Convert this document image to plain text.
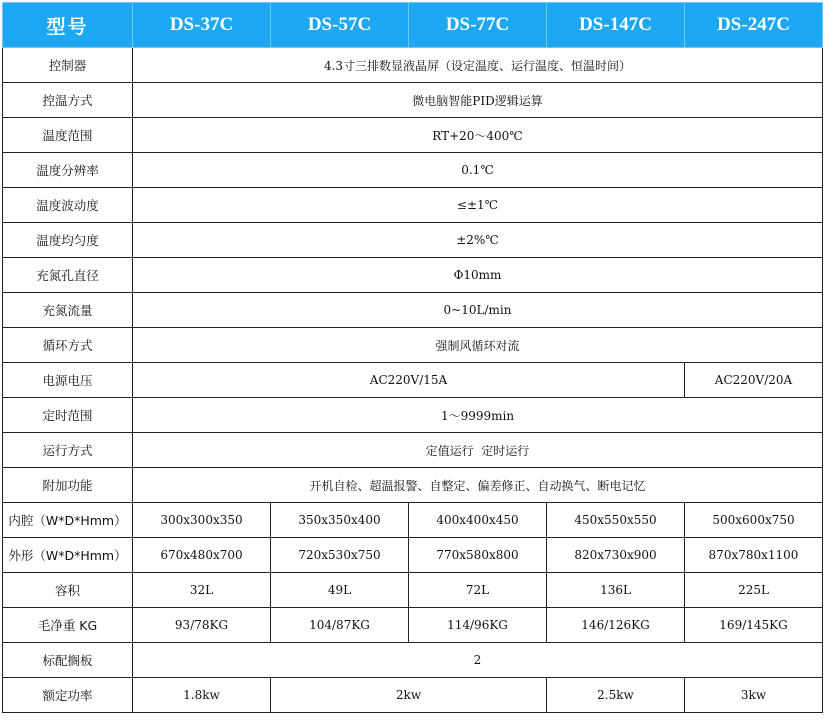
型号	DS-37C	DS-57C	DS-77C	DS-147C	DS-247C
控制器	4.3寸三排数显液晶屏（设定温度、运行温度、恒温时间）				
控温方式	微电脑智能PID逻辑运算				
温度范围	RT+20～400℃				
温度分辨率	0.1℃				
温度波动度	≤±1℃				
温度均匀度	±2%℃				
充氮孔直径	Φ10mm				
充氮流量	0~10L/min				
循环方式	强制风循环对流				
电源电压	AC220V/15A				AC220V/20A
定时范围	1～9999min				
运行方式	定值运行  定时运行				
附加功能	开机自检、超温报警、自整定、偏差修正、自动换气、断电记忆				
内腔（W*D*Hmm）	300x300x350	350x350x400	400x400x450	450x550x550	500x600x750
外形（W*D*Hmm）	670x480x700	720x530x750	770x580x800	820x730x900	870x780x1100
容积	32L	49L	72L	136L	225L
毛净重 KG	93/78KG	104/87KG	114/96KG	146/126KG	169/145KG
标配搁板	2				
额定功率	1.8kw	2kw		2.5kw	3kw
